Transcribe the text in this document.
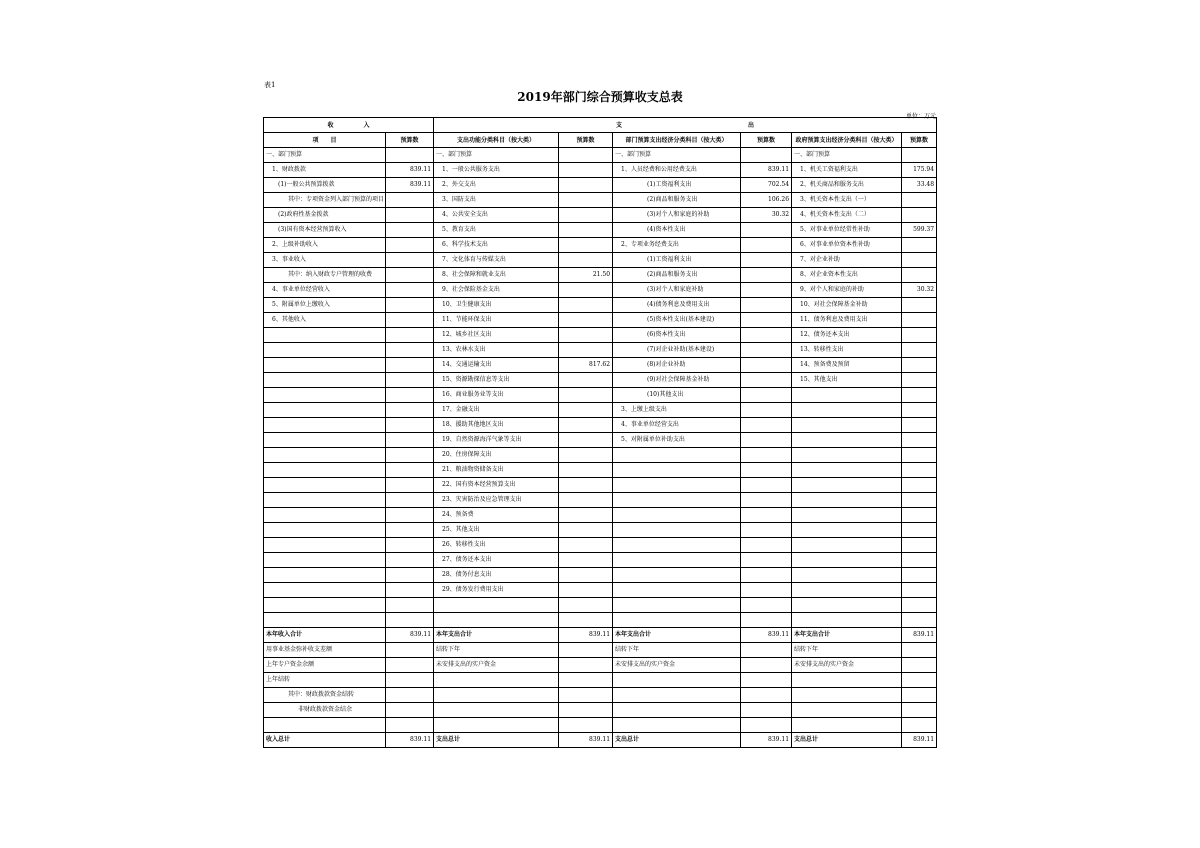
表1
2019年部门综合预算收支总表
单位：万元
收　　　　　入		支　　　　　　　　　　　　　　　　　　　　　出					
项　　目	预算数	支出功能分类科目（按大类）	预算数	部门预算支出经济分类科目（按大类）	预算数	政府预算支出经济分类科目（按大类）	预算数
一、部门预算		一、部门预算		一、部门预算		一、部门预算	
1、财政拨款	839.11	1、一般公共服务支出		1、人员经费和公用经费支出	839.11	1、机关工资福利支出	175.94
(1)一般公共预算拨款	839.11	2、外交支出		(1)工资福利支出	702.54	2、机关商品和服务支出	33.48
其中：专项资金列入部门预算的项目		3、国防支出		(2)商品和服务支出	106.26	3、机关资本性支出（一）	
(2)政府性基金拨款		4、公共安全支出		(3)对个人和家庭的补助	30.32	4、机关资本性支出（二）	
(3)国有资本经营预算收入		5、教育支出		(4)资本性支出		5、对事业单位经常性补助	599.37
2、上级补助收入		6、科学技术支出		2、专项业务经费支出		6、对事业单位资本性补助	
3、事业收入		7、文化体育与传媒支出		(1)工资福利支出		7、对企业补助	
其中：纳入财政专户管理的收费		8、社会保障和就业支出	21.50	(2)商品和服务支出		8、对企业资本性支出	
4、事业单位经营收入		9、社会保险基金支出		(3)对个人和家庭补助		9、对个人和家庭的补助	30.32
5、附属单位上缴收入		10、卫生健康支出		(4)债务利息及费用支出		10、对社会保障基金补助	
6、其他收入		11、节能环保支出		(5)资本性支出(基本建设)		11、债务利息及费用支出	
		12、城乡社区支出		(6)资本性支出		12、债务还本支出	
		13、农林水支出		(7)对企业补助(基本建设)		13、转移性支出	
		14、交通运输支出	817.62	(8)对企业补助		14、预备费及预留	
		15、资源勘探信息等支出		(9)对社会保障基金补助		15、其他支出	
		16、商业服务业等支出		(10)其他支出			
		17、金融支出		3、上缴上级支出			
		18、援助其他地区支出		4、事业单位经营支出			
		19、自然资源海洋气象等支出		5、对附属单位补助支出			
		20、住房保障支出					
		21、粮油物资储备支出					
		22、国有资本经营预算支出					
		23、灾害防治及应急管理支出					
		24、预备费					
		25、其他支出					
		26、转移性支出					
		27、债务还本支出					
		28、债务付息支出					
		29、债务发行费用支出					

本年收入合计	839.11	本年支出合计	839.11	本年支出合计	839.11	本年支出合计	839.11
用事业基金弥补收支差额		结转下年		结转下年		结转下年	
上年专户资金余额		未安排支出的实户资金		未安排支出的实户资金		未安排支出的实户资金	
上年结转							
其中：财政拨款资金结转							
非财政拨款资金结余							

收入总计	839.11	支出总计	839.11	支出总计	839.11	支出总计	839.11
